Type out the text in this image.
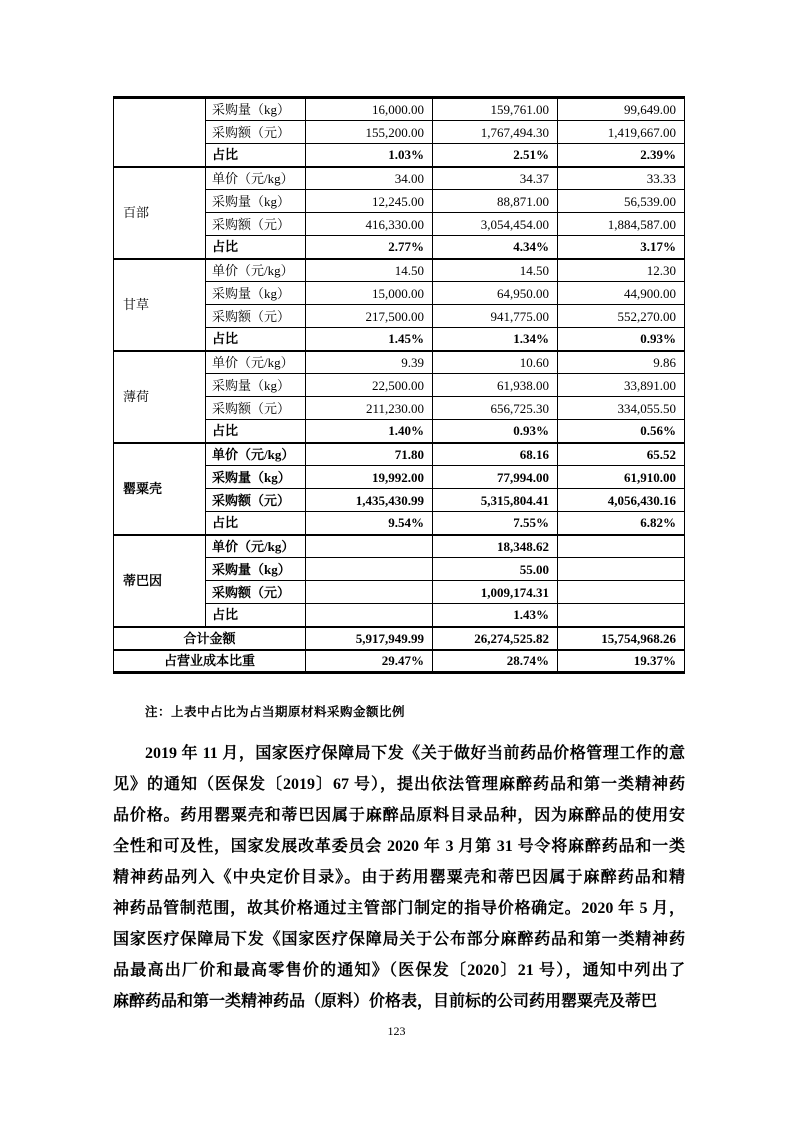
	采购量（kg）	16,000.00	159,761.00	99,649.00
	采购额（元）	155,200.00	1,767,494.30	1,419,667.00
	占比	1.03%	2.51%	2.39%
百部	单价（元/kg）	34.00	34.37	33.33
	采购量（kg）	12,245.00	88,871.00	56,539.00
	采购额（元）	416,330.00	3,054,454.00	1,884,587.00
	占比	2.77%	4.34%	3.17%
甘草	单价（元/kg）	14.50	14.50	12.30
	采购量（kg）	15,000.00	64,950.00	44,900.00
	采购额（元）	217,500.00	941,775.00	552,270.00
	占比	1.45%	1.34%	0.93%
薄荷	单价（元/kg）	9.39	10.60	9.86
	采购量（kg）	22,500.00	61,938.00	33,891.00
	采购额（元）	211,230.00	656,725.30	334,055.50
	占比	1.40%	0.93%	0.56%
罂粟壳	单价（元/kg）	71.80	68.16	65.52
	采购量（kg）	19,992.00	77,994.00	61,910.00
	采购额（元）	1,435,430.99	5,315,804.41	4,056,430.16
	占比	9.54%	7.55%	6.82%
蒂巴因	单价（元/kg）		18,348.62	
	采购量（kg）		55.00	
	采购额（元）		1,009,174.31	
	占比		1.43%	
合计金额		5,917,949.99	26,274,525.82	15,754,968.26
占营业成本比重		29.47%	28.74%	19.37%
注：上表中占比为占当期原材料采购金额比例
2019 年 11 月，国家医疗保障局下发《关于做好当前药品价格管理工作的意
见》的通知（医保发〔2019〕67 号），提出依法管理麻醉药品和第一类精神药
品价格。药用罂粟壳和蒂巴因属于麻醉品原料目录品种，因为麻醉品的使用安
全性和可及性，国家发展改革委员会 2020 年 3 月第 31 号令将麻醉药品和一类
精神药品列入《中央定价目录》。由于药用罂粟壳和蒂巴因属于麻醉药品和精
神药品管制范围，故其价格通过主管部门制定的指导价格确定。2020 年 5 月，
国家医疗保障局下发《国家医疗保障局关于公布部分麻醉药品和第一类精神药
品最高出厂价和最高零售价的通知》（医保发〔2020〕21 号），通知中列出了
麻醉药品和第一类精神药品（原料）价格表，目前标的公司药用罂粟壳及蒂巴
123
